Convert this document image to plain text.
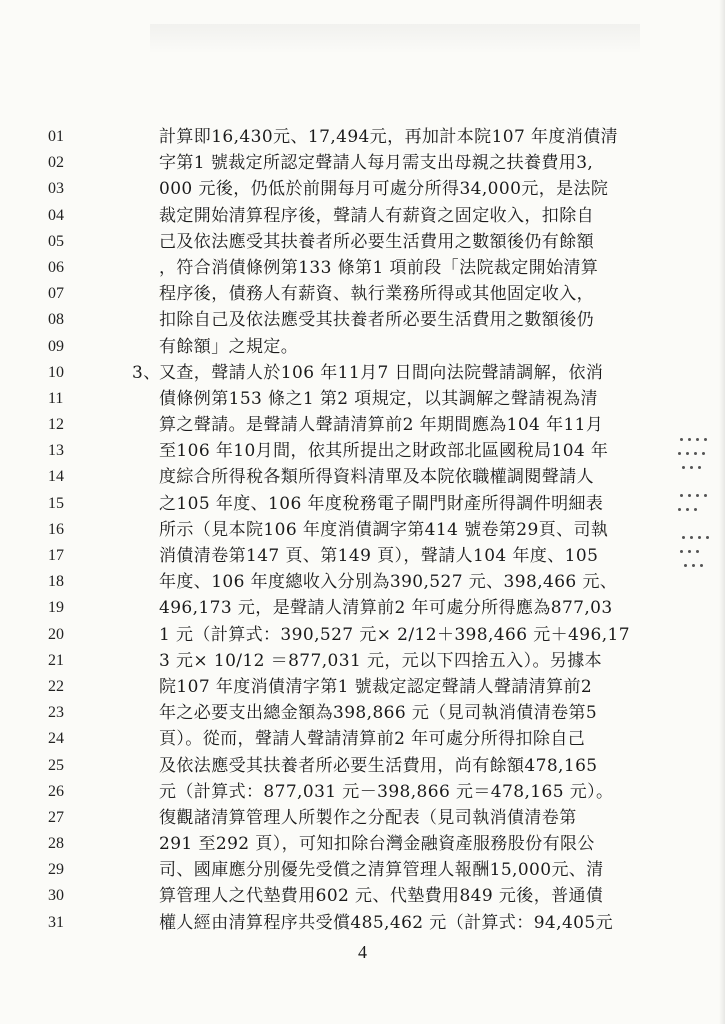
01
02
03
04
05
06
07
08
09
10
11
12
13
14
15
16
17
18
19
20
21
22
23
24
25
26
27
28
29
30
31
計算即16,430元、17,494元，再加計本院107 年度消債清
字第1 號裁定所認定聲請人每月需支出母親之扶養費用3,
000 元後，仍低於前開每月可處分所得34,000元，是法院
裁定開始清算程序後，聲請人有薪資之固定收入，扣除自
己及依法應受其扶養者所必要生活費用之數額後仍有餘額
，符合消債條例第133 條第1 項前段「法院裁定開始清算
程序後，債務人有薪資、執行業務所得或其他固定收入，
扣除自己及依法應受其扶養者所必要生活費用之數額後仍
有餘額」之規定。
3、又查，聲請人於106 年11月7 日間向法院聲請調解，依消
債條例第153 條之1 第2 項規定，以其調解之聲請視為清
算之聲請。是聲請人聲請清算前2 年期間應為104 年11月
至106 年10月間，依其所提出之財政部北區國稅局104 年
度綜合所得稅各類所得資料清單及本院依職權調閱聲請人
之105 年度、106 年度稅務電子閘門財產所得調件明細表
所示（見本院106 年度消債調字第414 號卷第29頁、司執
消債清卷第147 頁、第149 頁），聲請人104 年度、105
年度、106 年度總收入分別為390,527 元、398,466 元、
496,173 元，是聲請人清算前2 年可處分所得應為877,03
1 元（計算式：390,527 元× 2/12＋398,466 元＋496,17
3 元× 10/12 ＝877,031 元，元以下四捨五入）。另據本
院107 年度消債清字第1 號裁定認定聲請人聲請清算前2
年之必要支出總金額為398,866 元（見司執消債清卷第5
頁）。從而，聲請人聲請清算前2 年可處分所得扣除自己
及依法應受其扶養者所必要生活費用，尚有餘額478,165
元（計算式：877,031 元－398,866 元＝478,165 元）。
復觀諸清算管理人所製作之分配表（見司執消債清卷第
291 至292 頁），可知扣除台灣金融資產服務股份有限公
司、國庫應分別優先受償之清算管理人報酬15,000元、清
算管理人之代墊費用602 元、代墊費用849 元後，普通債
權人經由清算程序共受償485,462 元（計算式：94,405元
4
